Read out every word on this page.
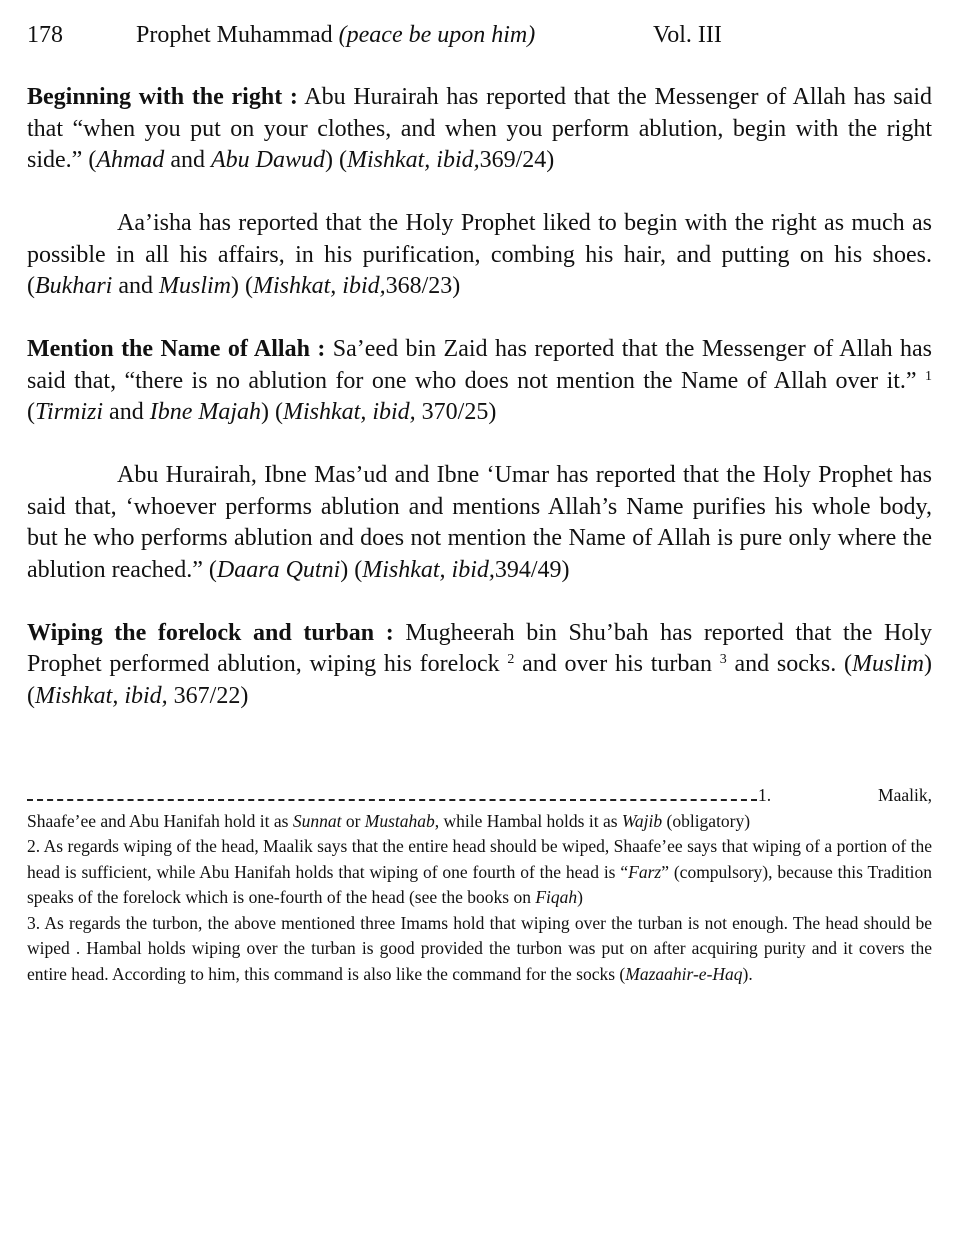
178	Prophet Muhammad (peace be upon him)	Vol. III

Beginning with the right : Abu Hurairah has reported that the Messenger of Allah has said that “when you put on your clothes, and when you perform ablution, begin with the right side.” (Ahmad and Abu Dawud) (Mishkat, ibid,369/24)

Aa’isha has reported that the Holy Prophet liked to begin with the right as much as possible in all his affairs, in his purification, combing his hair, and putting on his shoes. (Bukhari and Muslim) (Mishkat, ibid,368/23)

Mention the Name of Allah : Sa’eed bin Zaid has reported that the Messenger of Allah has said that, “there is no ablution for one who does not mention the Name of Allah over it.” $^1$ (Tirmizi and Ibne Majah) (Mishkat, ibid, 370/25)

Abu Hurairah, Ibne Mas’ud and Ibne ‘Umar has reported that the Holy Prophet has said that, ‘whoever performs ablution and mentions Allah’s Name purifies his whole body, but he who performs ablution and does not mention the Name of Allah is pure only where the ablution reached.” (Daara Qutni) (Mishkat, ibid,394/49)

Wiping the forelock and turban : Mugheerah bin Shu’bah has reported that the Holy Prophet performed ablution, wiping his forelock $^2$ and over his turban $^3$ and socks. (Muslim) (Mishkat, ibid, 367/22)

1.	Maalik,

Shaafe’ee and Abu Hanifah hold it as Sunnat or Mustahab, while Hambal holds it as Wajib (obligatory)

2. As regards wiping of the head, Maalik says that the entire head should be wiped, Shaafe’ee says that wiping of a portion of the head is sufficient, while Abu Hanifah holds that wiping of one fourth of the head is “Farz” (compulsory), because this Tradition speaks of the forelock which is one-fourth of the head (see the books on Fiqah)

3. As regards the turbon, the above mentioned three Imams hold that wiping over the turban is not enough. The head should be wiped . Hambal holds wiping over the turban is good provided the turbon was put on after acquiring purity and it covers the entire head. According to him, this command is also like the command for the socks (Mazaahir-e-Haq).
